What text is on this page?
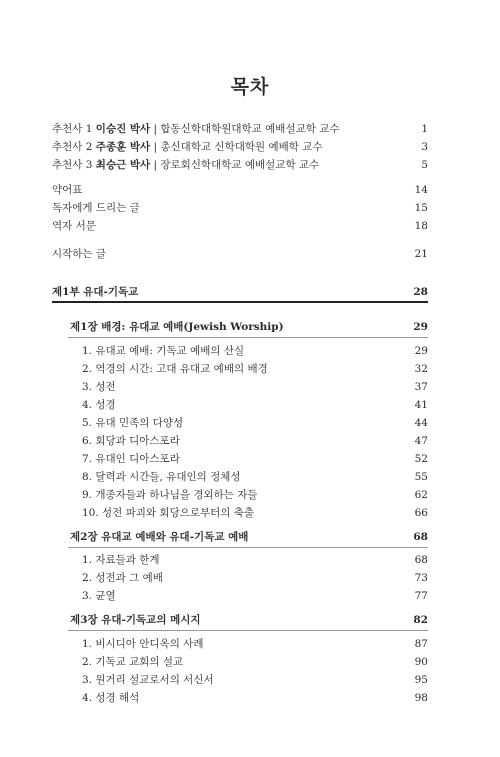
목차
추천사 1 이승진 박사 | 합동신학대학원대학교 예배설교학 교수	1
추천사 2 주종훈 박사 | 총신대학교 신학대학원 예배학 교수	3
추천사 3 최승근 박사 | 장로회신학대학교 예배설교학 교수	5
약어표	14
독자에게 드리는 글	15
역자 서문	18
시작하는 글	21
제1부 유대-기독교	28
제1장 배경: 유대교 예배(Jewish Worship)	29
1. 유대교 예배: 기독교 예배의 산실	29
2. 역경의 시간: 고대 유대교 예배의 배경	32
3. 성전	37
4. 성경	41
5. 유대 민족의 다양성	44
6. 회당과 디아스포라	47
7. 유대인 디아스포라	52
8. 달력과 시간들, 유대인의 정체성	55
9. 개종자들과 하나님을 경외하는 자들	62
10. 성전 파괴와 회당으로부터의 축출	66
제2장 유대교 예배와 유대-기독교 예배	68
1. 자료들과 한계	68
2. 성전과 그 예배	73
3. 균열	77
제3장 유대-기독교의 메시지	82
1. 비시디아 안디옥의 사례	87
2. 기독교 교회의 설교	90
3. 원거리 설교로서의 서신서	95
4. 성경 해석	98
